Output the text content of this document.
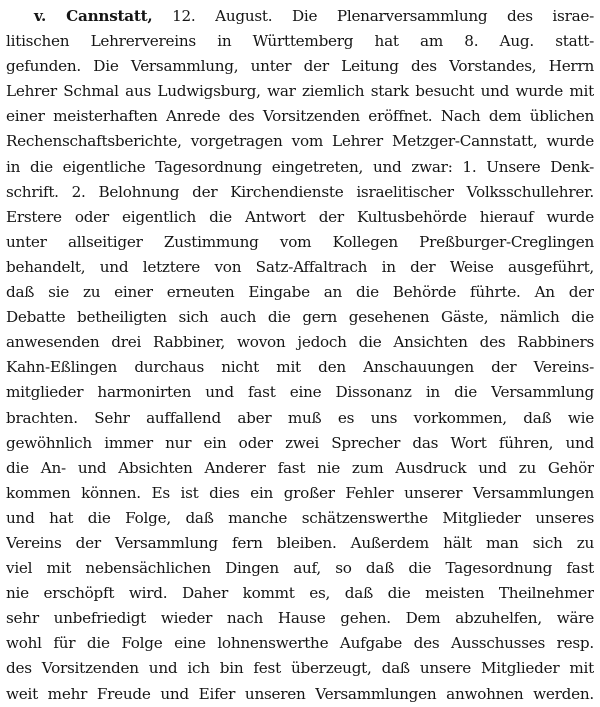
v. Cannstatt, 12. August. Die Plenarversammlung des israe-
litischen Lehrervereins in Württemberg hat am 8. Aug. statt-
gefunden. Die Versammlung, unter der Leitung des Vorstandes, Herrn
Lehrer Schmal aus Ludwigsburg, war ziemlich stark besucht und wurde mit
einer meisterhaften Anrede des Vorsitzenden eröffnet. Nach dem üblichen
Rechenschaftsberichte, vorgetragen vom Lehrer Metzger-Cannstatt, wurde
in die eigentliche Tagesordnung eingetreten, und zwar: 1. Unsere Denk-
schrift. 2. Belohnung der Kirchendienste israelitischer Volksschullehrer.
Erstere oder eigentlich die Antwort der Kultusbehörde hierauf wurde
unter allseitiger Zustimmung vom Kollegen Preßburger-Creglingen
behandelt, und letztere von Satz-Affaltrach in der Weise ausgeführt,
daß sie zu einer erneuten Eingabe an die Behörde führte. An der
Debatte betheiligten sich auch die gern gesehenen Gäste, nämlich die
anwesenden drei Rabbiner, wovon jedoch die Ansichten des Rabbiners
Kahn-Eßlingen durchaus nicht mit den Anschauungen der Vereins-
mitglieder harmonirten und fast eine Dissonanz in die Versammlung
brachten. Sehr auffallend aber muß es uns vorkommen, daß wie
gewöhnlich immer nur ein oder zwei Sprecher das Wort führen, und
die An- und Absichten Anderer fast nie zum Ausdruck und zu Gehör
kommen können. Es ist dies ein großer Fehler unserer Versammlungen
und hat die Folge, daß manche schätzenswerthe Mitglieder unseres
Vereins der Versammlung fern bleiben. Außerdem hält man sich zu
viel mit nebensächlichen Dingen auf, so daß die Tagesordnung fast
nie erschöpft wird. Daher kommt es, daß die meisten Theilnehmer
sehr unbefriedigt wieder nach Hause gehen. Dem abzuhelfen, wäre
wohl für die Folge eine lohnenswerthe Aufgabe des Ausschusses resp.
des Vorsitzenden und ich bin fest überzeugt, daß unsere Mitglieder mit
weit mehr Freude und Eifer unseren Versammlungen anwohnen werden.
